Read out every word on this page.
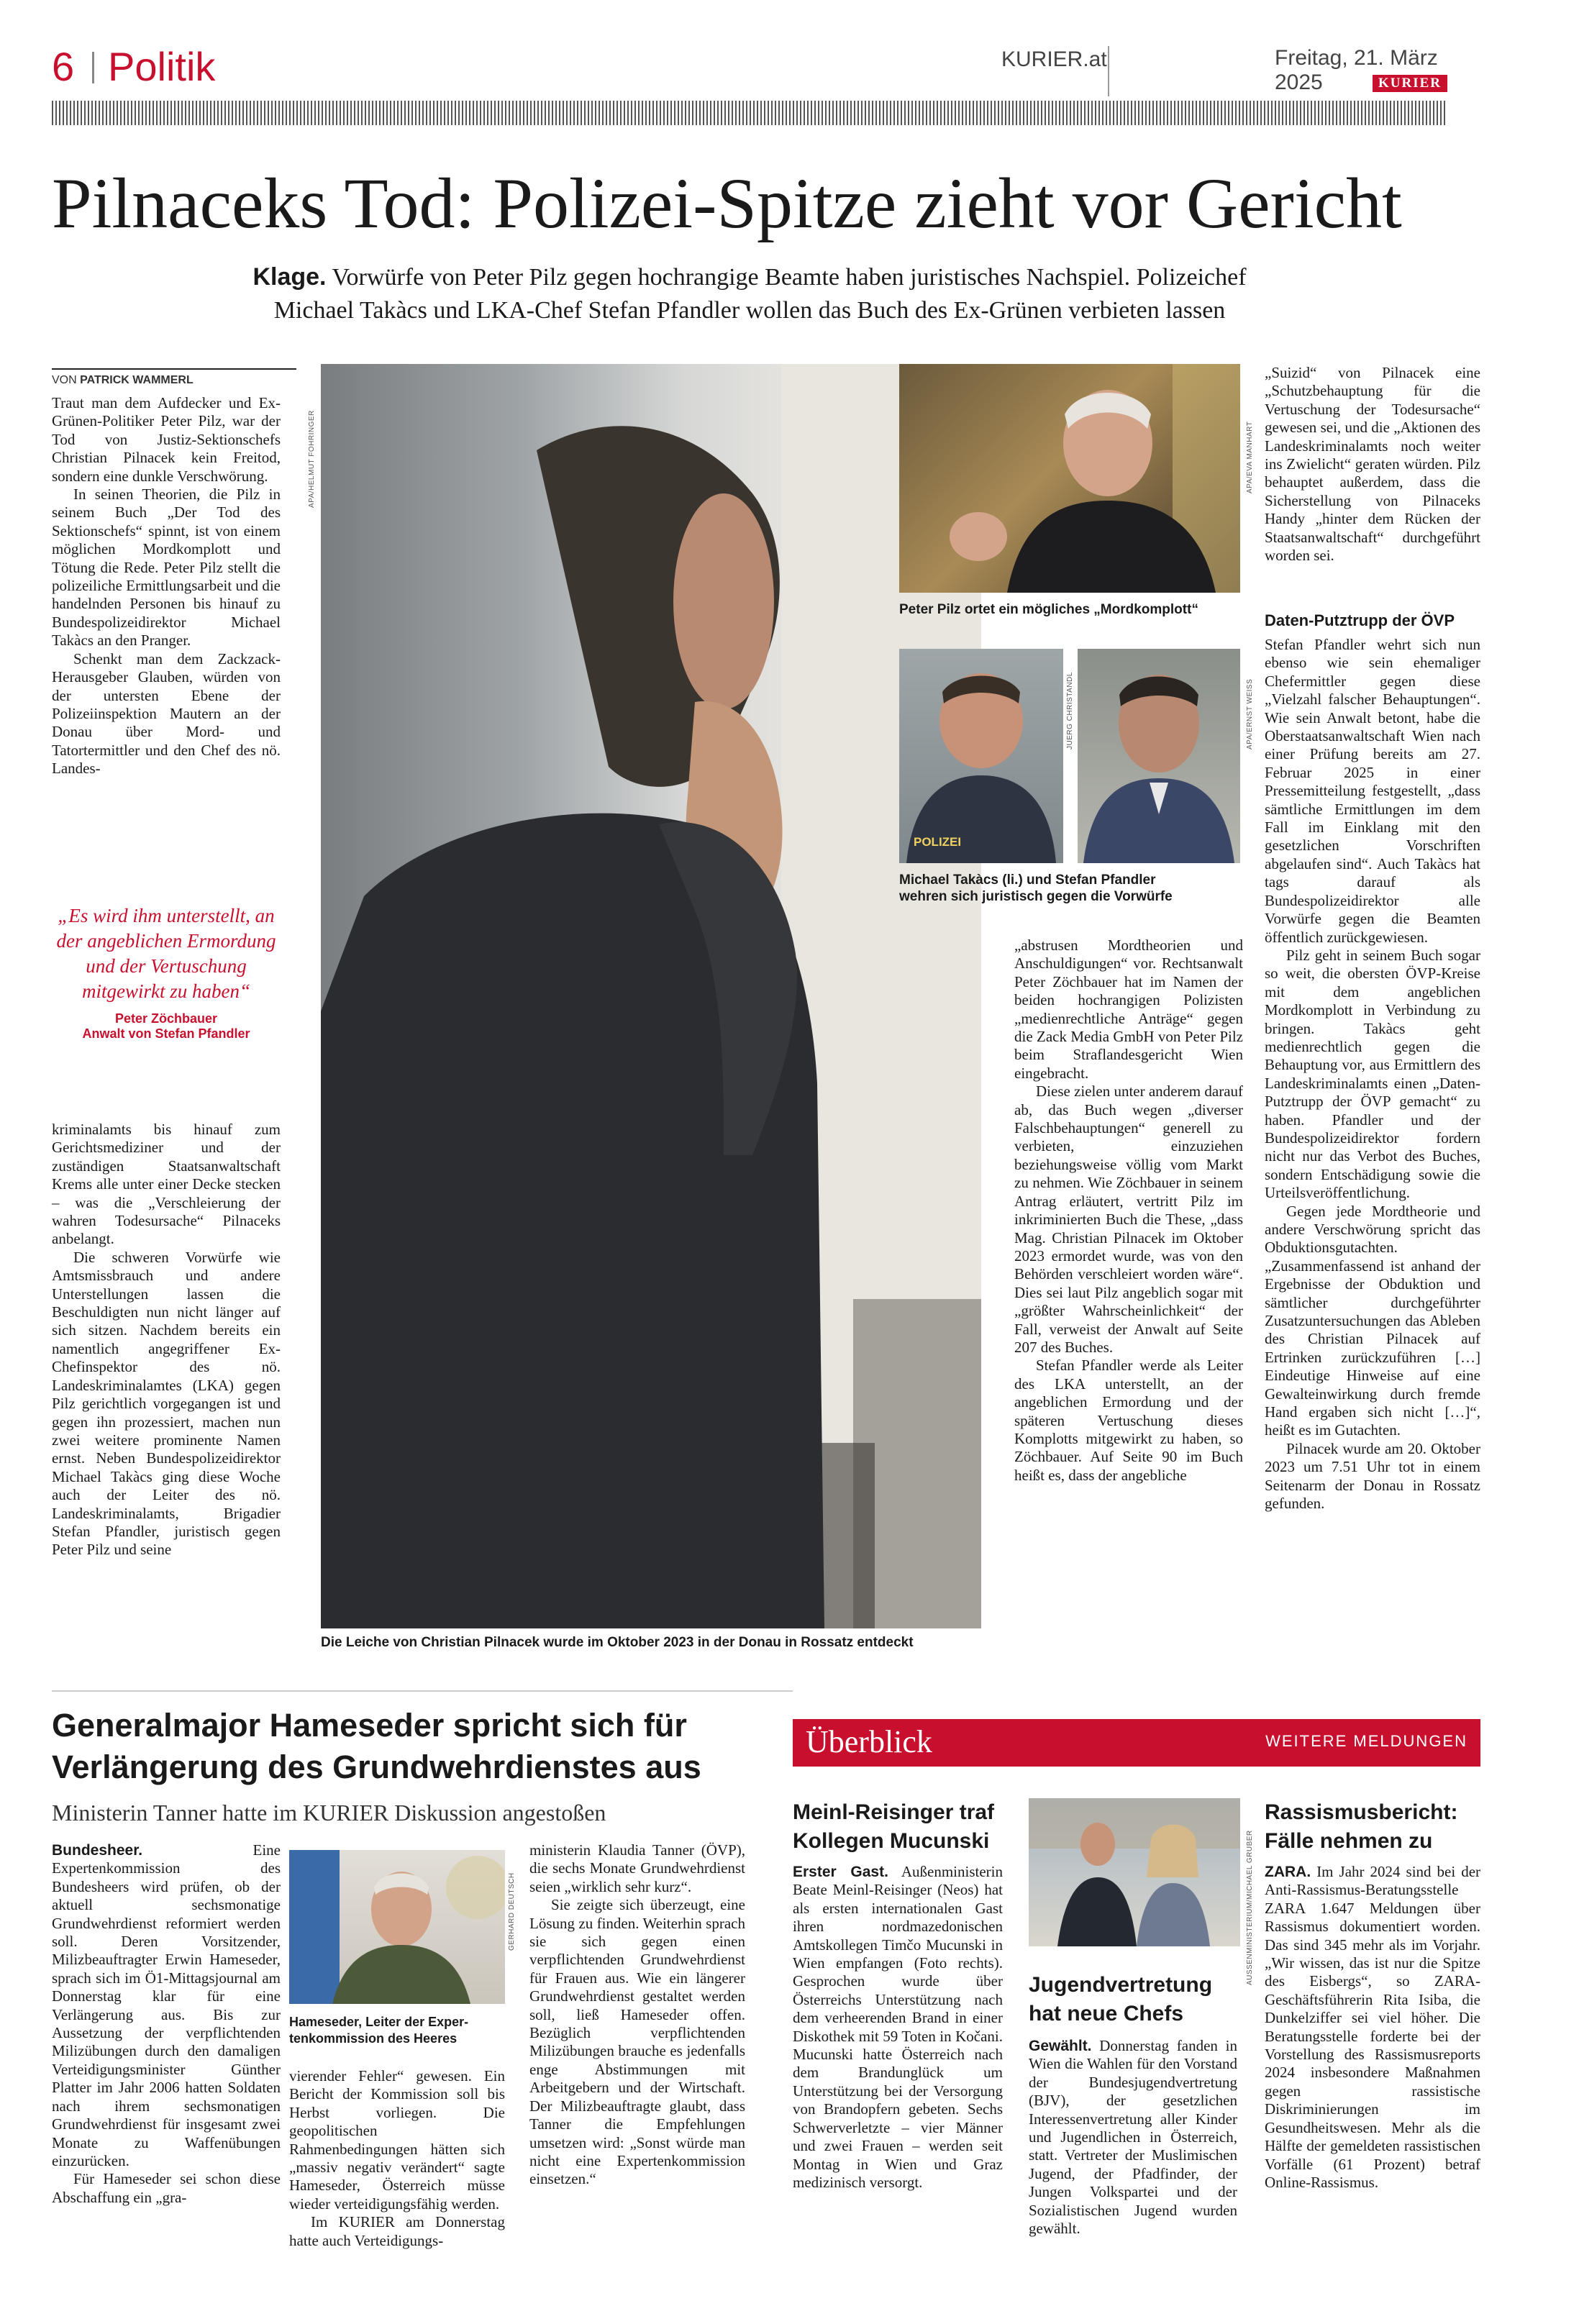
6 Politik	KURIER.at	Freitag, 21. März 2025	KURIER
Pilnaceks Tod: Polizei-Spitze zieht vor Gericht
Klage. Vorwürfe von Peter Pilz gegen hochrangige Beamte haben juristisches Nachspiel. Polizeichef
Michael Takàcs und LKA-Chef Stefan Pfandler wollen das Buch des Ex-Grünen verbieten lassen
VON PATRICK WAMMERL

Traut man dem Aufdecker und Ex-Grünen-Politiker Peter Pilz, war der Tod von Justiz-Sektionschefs Christian Pilnacek kein Freitod, sondern eine dunkle Verschwörung.

In seinen Theorien, die Pilz in seinem Buch „Der Tod des Sektionschefs“ spinnt, ist von einem möglichen Mordkomplott und Tötung die Rede. Peter Pilz stellt die polizeiliche Ermittlungsarbeit und die handelnden Personen bis hinauf zu Bundespolizeidirektor Michael Takàcs an den Pranger.

Schenkt man dem Zackzack-Herausgeber Glauben, würden von der untersten Ebene der Polizeiinspektion Mautern an der Donau über Mord- und Tatortermittler und den Chef des nö. Landes-

„Es wird ihm unterstellt, an der angeblichen Ermordung und der Vertuschung mitgewirkt zu haben“
Peter Zöchbauer
Anwalt von Stefan Pfandler

kriminalamts bis hinauf zum Gerichtsmediziner und der zuständigen Staatsanwaltschaft Krems alle unter einer Decke stecken – was die „Verschleierung der wahren Todesursache“ Pilnaceks anbelangt.

Die schweren Vorwürfe wie Amtsmissbrauch und andere Unterstellungen lassen die Beschuldigten nun nicht länger auf sich sitzen. Nachdem bereits ein namentlich angegriffener Ex-Chefinspektor des nö. Landeskriminalamtes (LKA) gegen Pilz gerichtlich vorgegangen ist und gegen ihn prozessiert, machen nun zwei weitere prominente Namen ernst. Neben Bundespolizeidirektor Michael Takàcs ging diese Woche auch der Leiter des nö. Landeskriminalamts, Brigadier Stefan Pfandler, juristisch gegen Peter Pilz und seine

APA/HELMUT FOHRINGER
Die Leiche von Christian Pilnacek wurde im Oktober 2023 in der Donau in Rossatz entdeckt
APA/EVA MANHART
Peter Pilz ortet ein mögliches „Mordkomplott“
POLIZEI
JUERG CHRISTANDL	APA/ERNST WEISS
Michael Takàcs (li.) und Stefan Pfandler
wehren sich juristisch gegen die Vorwürfe

„abstrusen Mordtheorien und Anschuldigungen“ vor. Rechtsanwalt Peter Zöchbauer hat im Namen der beiden hochrangigen Polizisten „medienrechtliche Anträge“ gegen die Zack Media GmbH von Peter Pilz beim Straflandesgericht Wien eingebracht.

Diese zielen unter anderem darauf ab, das Buch wegen „diverser Falschbehauptungen“ generell zu verbieten, einzuziehen beziehungsweise völlig vom Markt zu nehmen. Wie Zöchbauer in seinem Antrag erläutert, vertritt Pilz im inkriminierten Buch die These, „dass Mag. Christian Pilnacek im Oktober 2023 ermordet wurde, was von den Behörden verschleiert worden wäre“. Dies sei laut Pilz angeblich sogar mit „größter Wahrscheinlichkeit“ der Fall, verweist der Anwalt auf Seite 207 des Buches.

Stefan Pfandler werde als Leiter des LKA unterstellt, an der angeblichen Ermordung und der späteren Vertuschung dieses Komplotts mitgewirkt zu haben, so Zöchbauer. Auf Seite 90 im Buch heißt es, dass der angebliche

„Suizid“ von Pilnacek eine „Schutzbehauptung für die Vertuschung der Todesursache“ gewesen sei, und die „Aktionen des Landeskriminalamts noch weiter ins Zwielicht“ geraten würden. Pilz behauptet außerdem, dass die Sicherstellung von Pilnaceks Handy „hinter dem Rücken der Staatsanwaltschaft“ durchgeführt worden sei.

Daten-Putztrupp der ÖVP

Stefan Pfandler wehrt sich nun ebenso wie sein ehemaliger Chefermittler gegen diese „Vielzahl falscher Behauptungen“. Wie sein Anwalt betont, habe die Oberstaatsanwaltschaft Wien nach einer Prüfung bereits am 27. Februar 2025 in einer Pressemitteilung festgestellt, „dass sämtliche Ermittlungen im dem Fall im Einklang mit den gesetzlichen Vorschriften abgelaufen sind“. Auch Takàcs hat tags darauf als Bundespolizeidirektor alle Vorwürfe gegen die Beamten öffentlich zurückgewiesen.

Pilz geht in seinem Buch sogar so weit, die obersten ÖVP-Kreise mit dem angeblichen Mordkomplott in Verbindung zu bringen. Takàcs geht medienrechtlich gegen die Behauptung vor, aus Ermittlern des Landeskriminalamts einen „Daten-Putztrupp der ÖVP gemacht“ zu haben. Pfandler und der Bundespolizeidirektor fordern nicht nur das Verbot des Buches, sondern Entschädigung sowie die Urteilsveröffentlichung.

Gegen jede Mordtheorie und andere Verschwörung spricht das Obduktionsgutachten. „Zusammenfassend ist anhand der Ergebnisse der Obduktion und sämtlicher durchgeführter Zusatzuntersuchungen das Ableben des Christian Pilnacek auf Ertrinken zurückzuführen […] Eindeutige Hinweise auf eine Gewalteinwirkung durch fremde Hand ergaben sich nicht […]“, heißt es im Gutachten.

Pilnacek wurde am 20. Oktober 2023 um 7.51 Uhr tot in einem Seitenarm der Donau in Rossatz gefunden.

Generalmajor Hameseder spricht sich für
Verlängerung des Grundwehrdienstes aus
Ministerin Tanner hatte im KURIER Diskussion angestoßen

Bundesheer.	Eine Expertenkommission des Bundesheers wird prüfen, ob der aktuell sechsmonatige Grundwehrdienst reformiert werden soll. Deren Vorsitzender, Milizbeauftragter Erwin Hameseder, sprach sich im Ö1-Mittagsjournal am Donnerstag klar für eine Verlängerung aus. Bis zur Aussetzung der verpflichtenden Milizübungen durch den damaligen Verteidigungsminister Günther Platter im Jahr 2006 hatten Soldaten nach ihrem sechsmonatigen Grundwehrdienst für insgesamt zwei Monate zu Waffenübungen einzurücken.

Für Hameseder sei schon diese Abschaffung ein „gra-

GERHARD DEUTSCH
Hameseder, Leiter der Exper-
tenkommission des Heeres

vierender Fehler“ gewesen. Ein Bericht der Kommission soll bis Herbst vorliegen. Die geopolitischen Rahmenbedingungen hätten sich „massiv negativ verändert“ sagte Hameseder, Österreich müsse wieder verteidigungsfähig werden.

Im KURIER am Donnerstag hatte auch Verteidigungs-

ministerin Klaudia Tanner (ÖVP), die sechs Monate Grundwehrdienst seien „wirklich sehr kurz“.

Sie zeigte sich überzeugt, eine Lösung zu finden. Weiterhin sprach sie sich gegen einen verpflichtenden Grundwehrdienst für Frauen aus. Wie ein längerer Grundwehrdienst gestaltet werden soll, ließ Hameseder offen. Bezüglich verpflichtenden Milizübungen brauche es jedenfalls enge Abstimmungen mit Arbeitgebern und der Wirtschaft. Der Milizbeauftragte glaubt, dass Tanner die Empfehlungen umsetzen wird: „Sonst würde man nicht eine Expertenkommission einsetzen.“

Überblick	WEITERE MELDUNGEN
Meinl-Reisinger traf
Kollegen Mucunski

Erster Gast. Außenministerin Beate Meinl-Reisinger (Neos) hat als ersten internationalen Gast ihren nordmazedonischen Amtskollegen Timčo Mucunski in Wien empfangen (Foto rechts). Gesprochen wurde über Österreichs Unterstützung nach dem verheerenden Brand in einer Diskothek mit 59 Toten in Kočani. Mucunski hatte Österreich nach dem Brandunglück um Unterstützung bei der Versorgung von Brandopfern gebeten. Sechs Schwerverletzte – vier Männer und zwei Frauen – werden seit Montag in Wien und Graz medizinisch versorgt.

AUSSENMINISTERIUM/MICHAEL GRUBER
Jugendvertretung
hat neue Chefs

Gewählt. Donnerstag fanden in Wien die Wahlen für den Vorstand der Bundesjugendvertretung (BJV), der gesetzlichen Interessenvertretung aller Kinder und Jugendlichen in Österreich, statt. Vertreter der Muslimischen Jugend, der Pfadfinder, der Jungen Volkspartei und der Sozialistischen Jugend wurden gewählt.

Rassismusbericht:
Fälle nehmen zu

ZARA. Im Jahr 2024 sind bei der Anti-Rassismus-Beratungsstelle ZARA 1.647 Meldungen über Rassismus dokumentiert worden. Das sind 345 mehr als im Vorjahr. „Wir wissen, das ist nur die Spitze des Eisbergs“, so ZARA-Geschäftsführerin Rita Isiba, die Dunkelziffer sei viel höher. Die Beratungsstelle forderte bei der Vorstellung des Rassismusreports 2024 insbesondere Maßnahmen gegen rassistische Diskriminierungen im Gesundheitswesen. Mehr als die Hälfte der gemeldeten rassistischen Vorfälle (61 Prozent) betraf Online-Rassismus.
